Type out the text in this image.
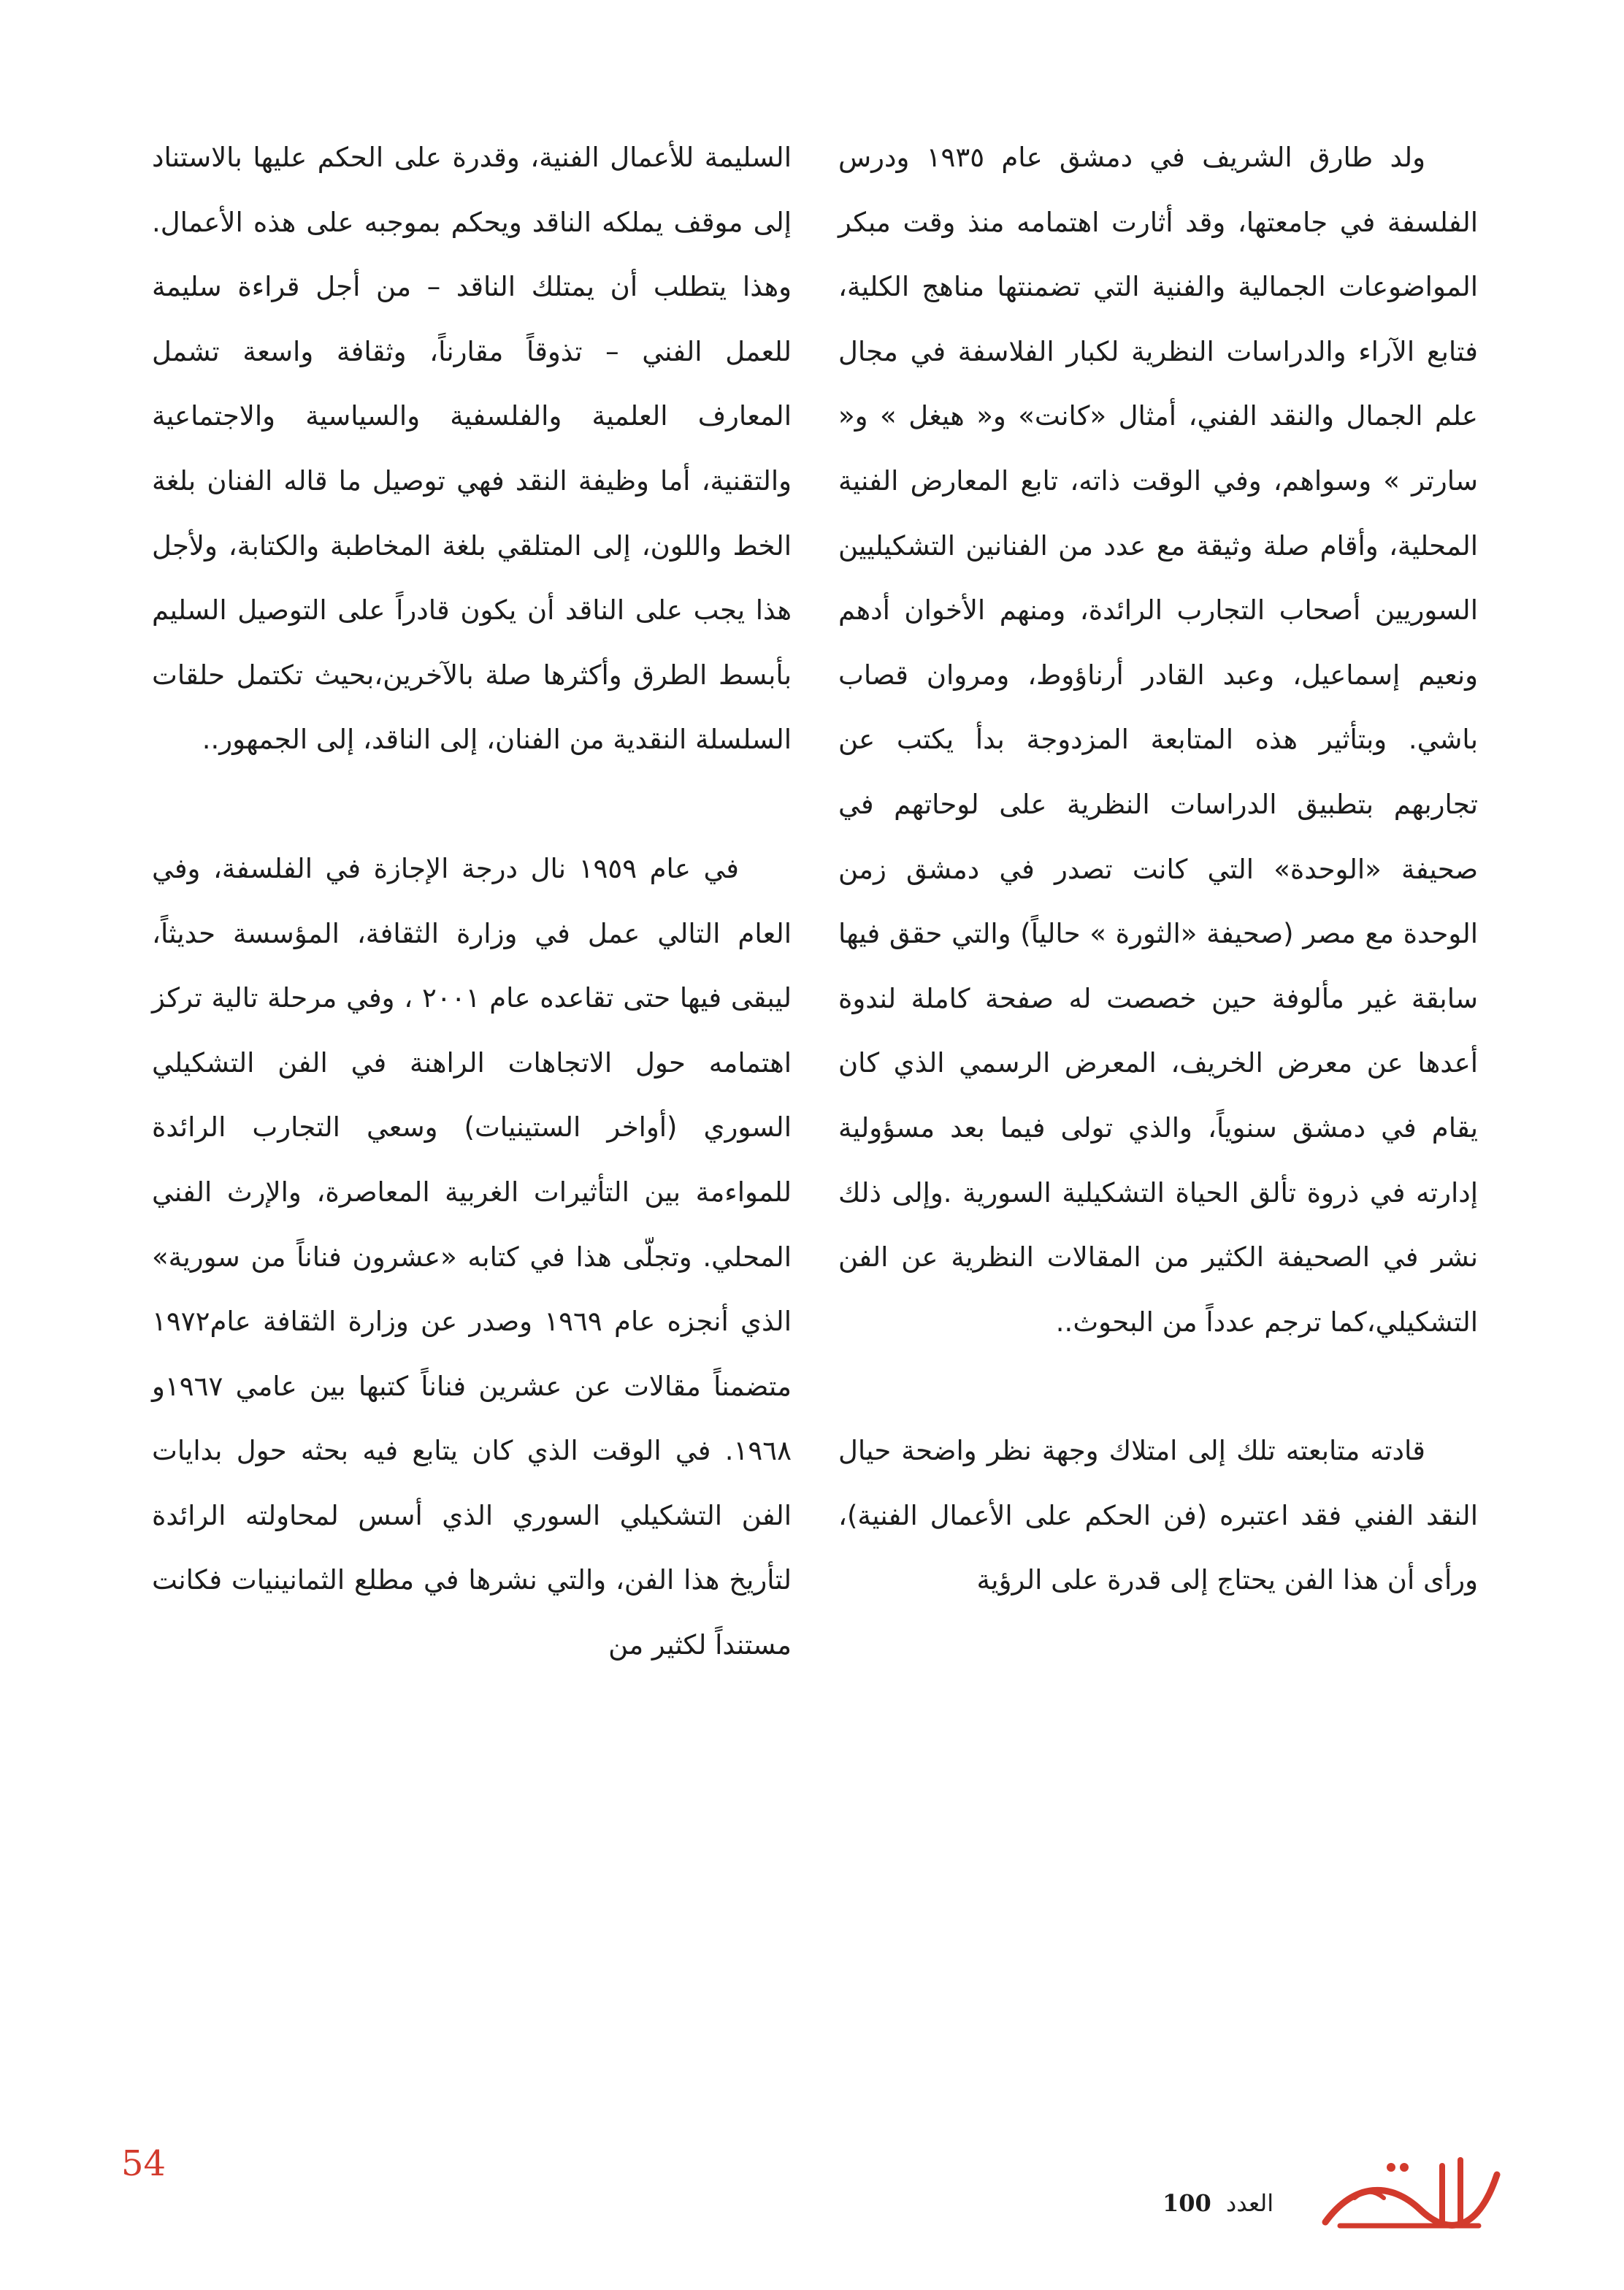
ولد طارق الشريف في دمشق عام ١٩٣٥ ودرس الفلسفة في جامعتها، وقد أثارت اهتمامه منذ وقت مبكر المواضوعات الجمالية والفنية التي تضمنتها مناهج الكلية، فتابع الآراء والدراسات النظرية لكبار الفلاسفة في مجال علم الجمال والنقد الفني، أمثال «كانت» و« هيغل » و« سارتر » وسواهم، وفي الوقت ذاته، تابع المعارض الفنية المحلية، وأقام صلة وثيقة مع عدد من الفنانين التشكيليين السوريين أصحاب التجارب الرائدة، ومنهم الأخوان أدهم ونعيم إسماعيل، وعبد القادر أرناؤوط، ومروان قصاب باشي. وبتأثير هذه المتابعة المزدوجة بدأ يكتب عن تجاربهم بتطبيق الدراسات النظرية على لوحاتهم في صحيفة «الوحدة» التي كانت تصدر في دمشق زمن الوحدة مع مصر (صحيفة «الثورة » حالياً) والتي حقق فيها سابقة غير مألوفة حين خصصت له صفحة كاملة لندوة أعدها عن معرض الخريف، المعرض الرسمي الذي كان يقام في دمشق سنوياً، والذي تولى فيما بعد مسؤولية إدارته في ذروة تألق الحياة التشكيلية السورية .وإلى ذلك نشر في الصحيفة الكثير من المقالات النظرية عن الفن التشكيلي،كما ترجم عدداً من البحوث..

قادته متابعته تلك إلى امتلاك وجهة نظر واضحة حيال النقد الفني فقد اعتبره (فن الحكم على الأعمال الفنية)، ورأى أن هذا الفن يحتاج إلى قدرة على الرؤية

السليمة للأعمال الفنية، وقدرة على الحكم عليها بالاستناد إلى موقف يملكه الناقد ويحكم بموجبه على هذه الأعمال. وهذا يتطلب أن يمتلك الناقد – من أجل قراءة سليمة للعمل الفني – تذوقاً مقارناً، وثقافة واسعة تشمل المعارف العلمية والفلسفية والسياسية والاجتماعية والتقنية، أما وظيفة النقد فهي توصيل ما قاله الفنان بلغة الخط واللون، إلى المتلقي بلغة المخاطبة والكتابة، ولأجل هذا يجب على الناقد أن يكون قادراً على التوصيل السليم بأبسط الطرق وأكثرها صلة بالآخرين،بحيث تكتمل حلقات السلسلة النقدية من الفنان، إلى الناقد، إلى الجمهور..

في عام ١٩٥٩ نال درجة الإجازة في الفلسفة، وفي العام التالي عمل في وزارة الثقافة، المؤسسة حديثاً، ليبقى فيها حتى تقاعده عام ٢٠٠١ ، وفي مرحلة تالية تركز اهتمامه حول الاتجاهات الراهنة في الفن التشكيلي السوري (أواخر الستينيات) وسعي التجارب الرائدة للمواءمة بين التأثيرات الغربية المعاصرة، والإرث الفني المحلي. وتجلّى هذا في كتابه «عشرون فناناً من سورية» الذي أنجزه عام ١٩٦٩ وصدر عن وزارة الثقافة عام١٩٧٢ متضمناً مقالات عن عشرين فناناً كتبها بين عامي ١٩٦٧و ١٩٦٨. في الوقت الذي كان يتابع فيه بحثه حول بدايات الفن التشكيلي السوري الذي أسس لمحاولته الرائدة لتأريخ هذا الفن، والتي نشرها في مطلع الثمانينيات فكانت مستنداً لكثير من

54
العدد 100
